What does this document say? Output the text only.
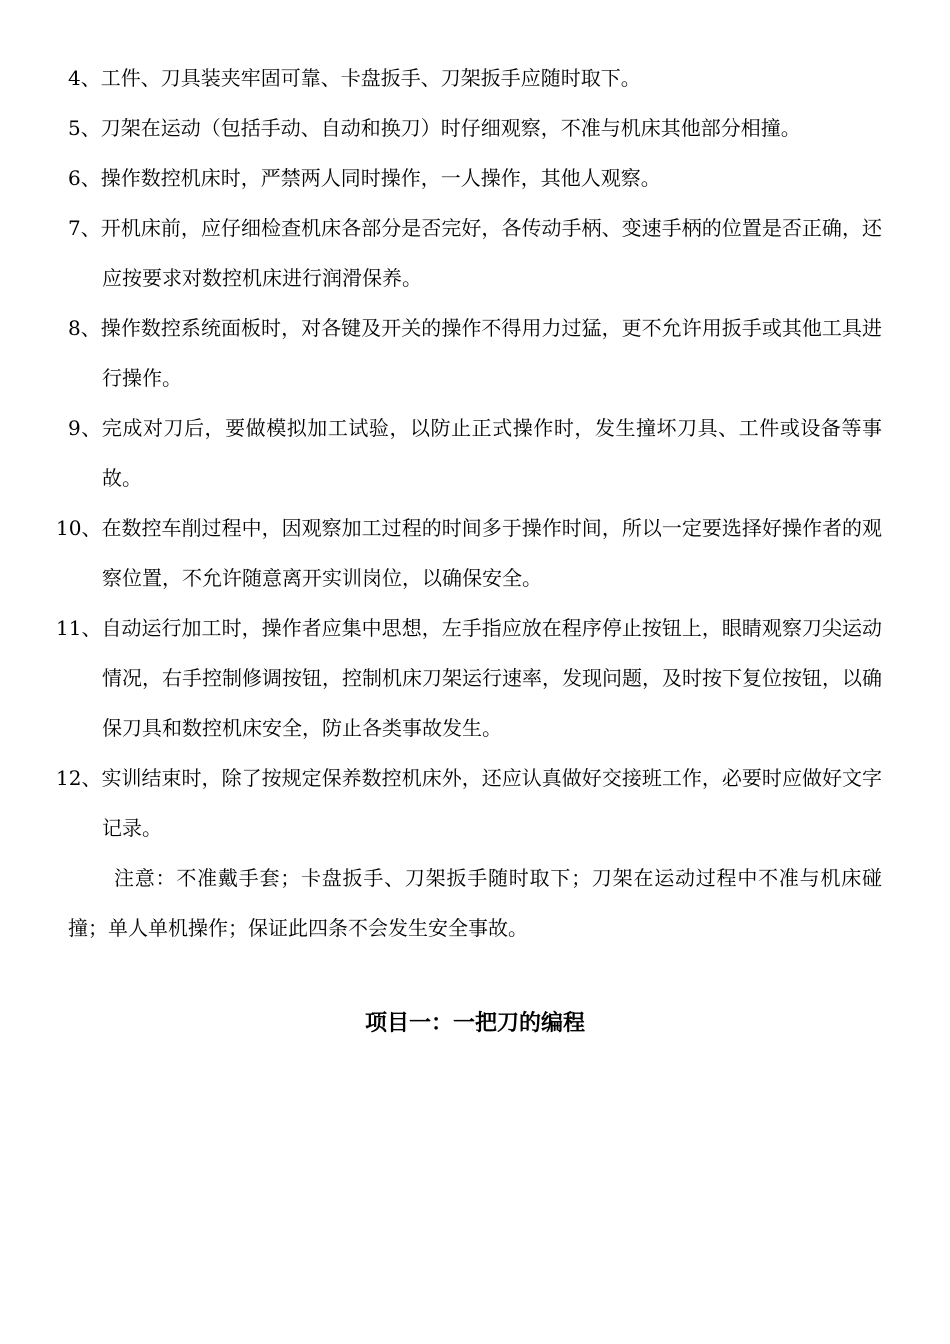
4、工件、刀具装夹牢固可靠、卡盘扳手、刀架扳手应随时取下。
5、刀架在运动（包括手动、自动和换刀）时仔细观察，不准与机床其他部分相撞。
6、操作数控机床时，严禁两人同时操作，一人操作，其他人观察。
7、开机床前，应仔细检查机床各部分是否完好，各传动手柄、变速手柄的位置是否正确，还应按要求对数控机床进行润滑保养。
8、操作数控系统面板时，对各键及开关的操作不得用力过猛，更不允许用扳手或其他工具进行操作。
9、完成对刀后，要做模拟加工试验，以防止正式操作时，发生撞坏刀具、工件或设备等事故。
10、在数控车削过程中，因观察加工过程的时间多于操作时间，所以一定要选择好操作者的观察位置，不允许随意离开实训岗位，以确保安全。
11、自动运行加工时，操作者应集中思想，左手指应放在程序停止按钮上，眼睛观察刀尖运动情况，右手控制修调按钮，控制机床刀架运行速率，发现问题，及时按下复位按钮，以确保刀具和数控机床安全，防止各类事故发生。
12、实训结束时，除了按规定保养数控机床外，还应认真做好交接班工作，必要时应做好文字记录。

注意：不准戴手套；卡盘扳手、刀架扳手随时取下；刀架在运动过程中不准与机床碰撞；单人单机操作；保证此四条不会发生安全事故。

项目一：一把刀的编程
